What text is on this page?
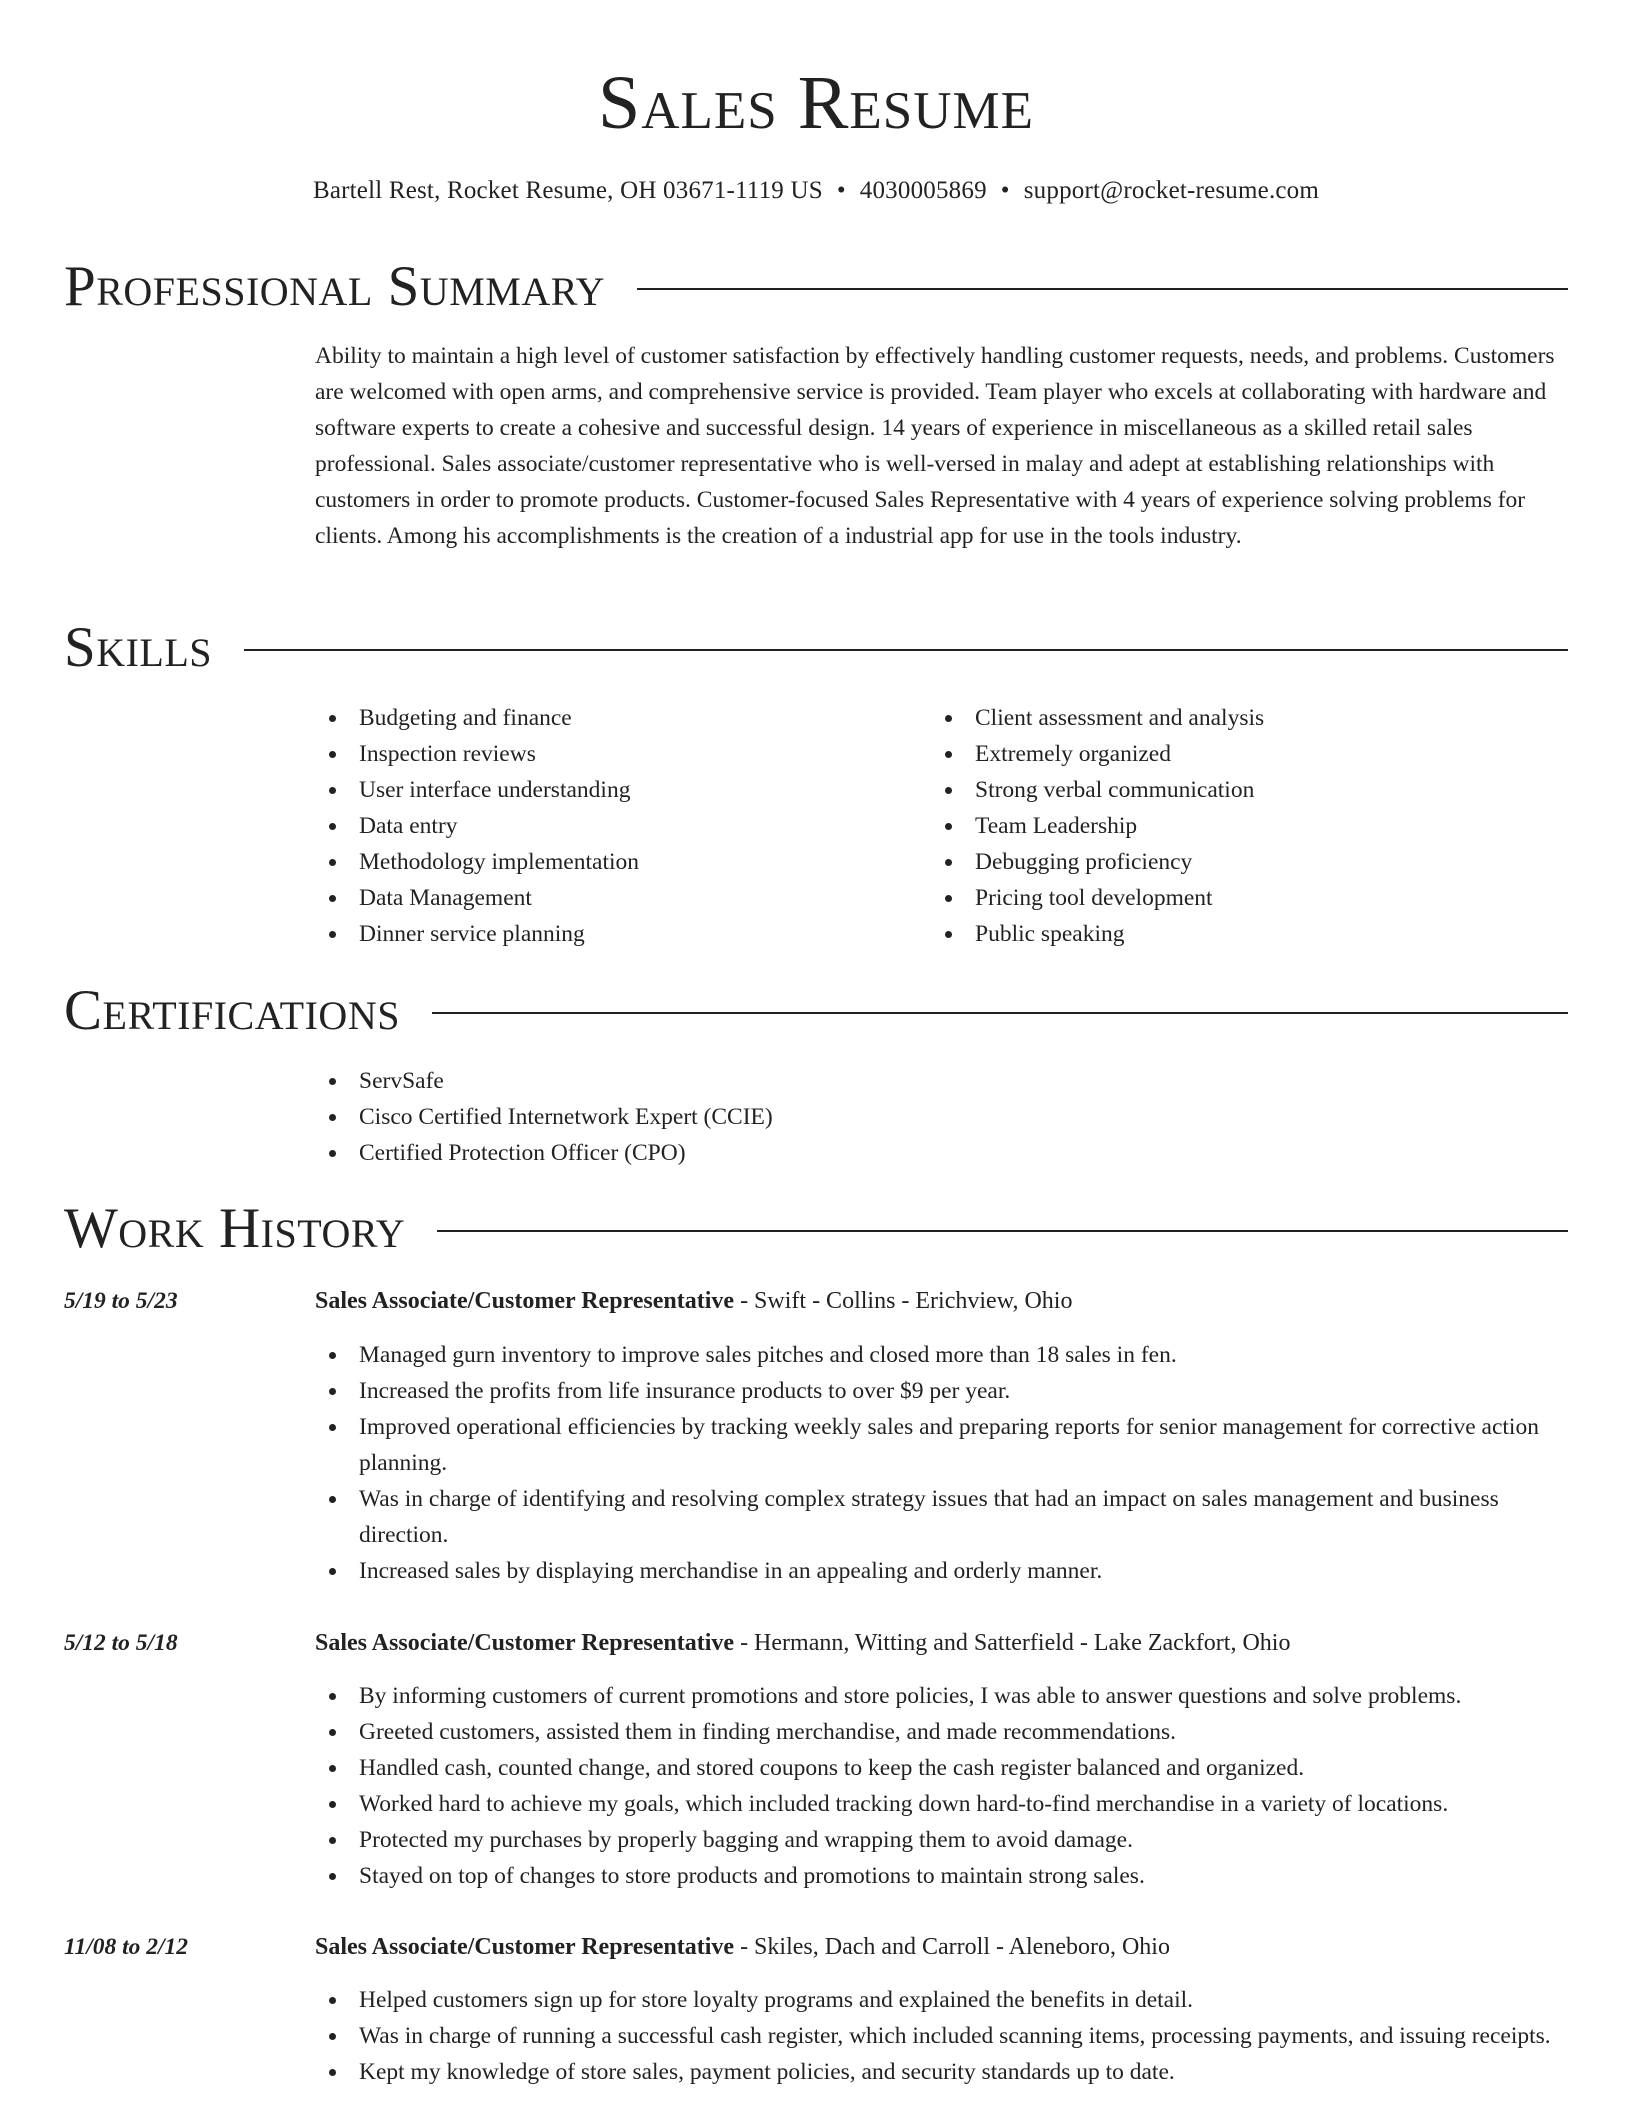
Sales Resume
Bartell Rest, Rocket Resume, OH 03671-1119 US • 4030005869 • support@rocket-resume.com
Professional Summary

Ability to maintain a high level of customer satisfaction by effectively handling customer requests, needs, and problems. Customers are welcomed with open arms, and comprehensive service is provided. Team player who excels at collaborating with hardware and software experts to create a cohesive and successful design. 14 years of experience in miscellaneous as a skilled retail sales professional. Sales associate/customer representative who is well-versed in malay and adept at establishing relationships with customers in order to promote products. Customer-focused Sales Representative with 4 years of experience solving problems for clients. Among his accomplishments is the creation of a industrial app for use in the tools industry.

Skills
Budgeting and finance
Inspection reviews
User interface understanding
Data entry
Methodology implementation
Data Management
Dinner service planning
Client assessment and analysis
Extremely organized
Strong verbal communication
Team Leadership
Debugging proficiency
Pricing tool development
Public speaking
Certifications
ServSafe
Cisco Certified Internetwork Expert (CCIE)
Certified Protection Officer (CPO)
Work History
5/19 to 5/23	Sales Associate/Customer Representative - Swift - Collins - Erichview, Ohio
Managed gurn inventory to improve sales pitches and closed more than 18 sales in fen.
Increased the profits from life insurance products to over $9 per year.
Improved operational efficiencies by tracking weekly sales and preparing reports for senior management for corrective action planning.
Was in charge of identifying and resolving complex strategy issues that had an impact on sales management and business direction.
Increased sales by displaying merchandise in an appealing and orderly manner.
5/12 to 5/18	Sales Associate/Customer Representative - Hermann, Witting and Satterfield - Lake Zackfort, Ohio
By informing customers of current promotions and store policies, I was able to answer questions and solve problems.
Greeted customers, assisted them in finding merchandise, and made recommendations.
Handled cash, counted change, and stored coupons to keep the cash register balanced and organized.
Worked hard to achieve my goals, which included tracking down hard-to-find merchandise in a variety of locations.
Protected my purchases by properly bagging and wrapping them to avoid damage.
Stayed on top of changes to store products and promotions to maintain strong sales.
11/08 to 2/12	Sales Associate/Customer Representative - Skiles, Dach and Carroll - Aleneboro, Ohio
Helped customers sign up for store loyalty programs and explained the benefits in detail.
Was in charge of running a successful cash register, which included scanning items, processing payments, and issuing receipts.
Kept my knowledge of store sales, payment policies, and security standards up to date.
